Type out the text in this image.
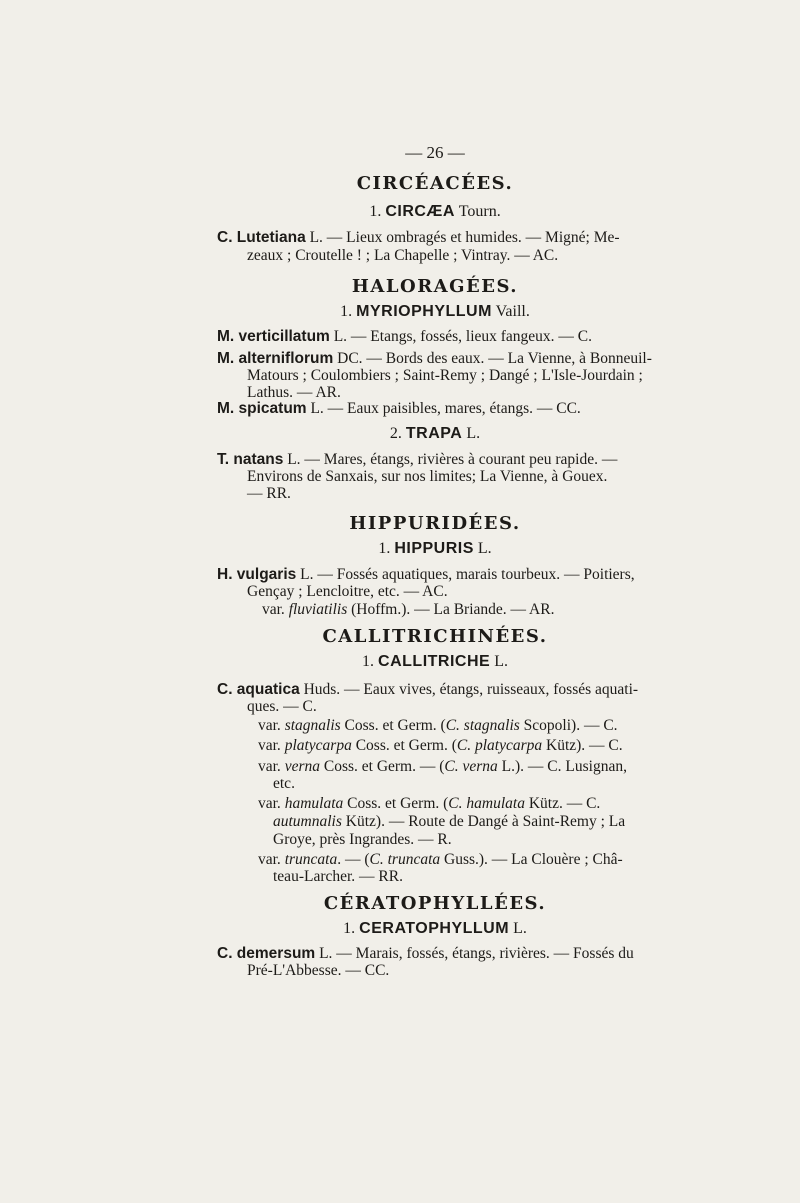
— 26 —
CIRCÉACÉES.
1. CIRCÆA Tourn.
C. Lutetiana L. — Lieux ombragés et humides. — Migné; Me-
zeaux ; Croutelle ! ; La Chapelle ; Vintray. — AC.
HALORAGÉES.
1. MYRIOPHYLLUM Vaill.
M. verticillatum L. — Etangs, fossés, lieux fangeux. — C.
M. alterniflorum DC. — Bords des eaux. — La Vienne, à Bonneuil-
Matours ; Coulombiers ; Saint-Remy ; Dangé ; L'Isle-Jourdain ;
Lathus. — AR.
M. spicatum L. — Eaux paisibles, mares, étangs. — CC.
2. TRAPA L.
T. natans L. — Mares, étangs, rivières à courant peu rapide. —
Environs de Sanxais, sur nos limites; La Vienne, à Gouex.
— RR.
HIPPURIDÉES.
1. HIPPURIS L.
H. vulgaris L. — Fossés aquatiques, marais tourbeux. — Poitiers,
Gençay ; Lencloitre, etc. — AC.
var. fluviatilis (Hoffm.). — La Briande. — AR.
CALLITRICHINÉES.
1. CALLITRICHE L.
C. aquatica Huds. — Eaux vives, étangs, ruisseaux, fossés aquati-
ques. — C.
var. stagnalis Coss. et Germ. (C. stagnalis Scopoli). — C.
var. platycarpa Coss. et Germ. (C. platycarpa Kütz). — C.
var. verna Coss. et Germ. — (C. verna L.). — C. Lusignan,
etc.
var. hamulata Coss. et Germ. (C. hamulata Kütz. — C.
autumnalis Kütz). — Route de Dangé à Saint-Remy ; La
Groye, près Ingrandes. — R.
var. truncata. — (C. truncata Guss.). — La Clouère ; Châ-
teau-Larcher. — RR.
CÉRATOPHYLLÉES.
1. CERATOPHYLLUM L.
C. demersum L. — Marais, fossés, étangs, rivières. — Fossés du
Pré-L'Abbesse. — CC.
